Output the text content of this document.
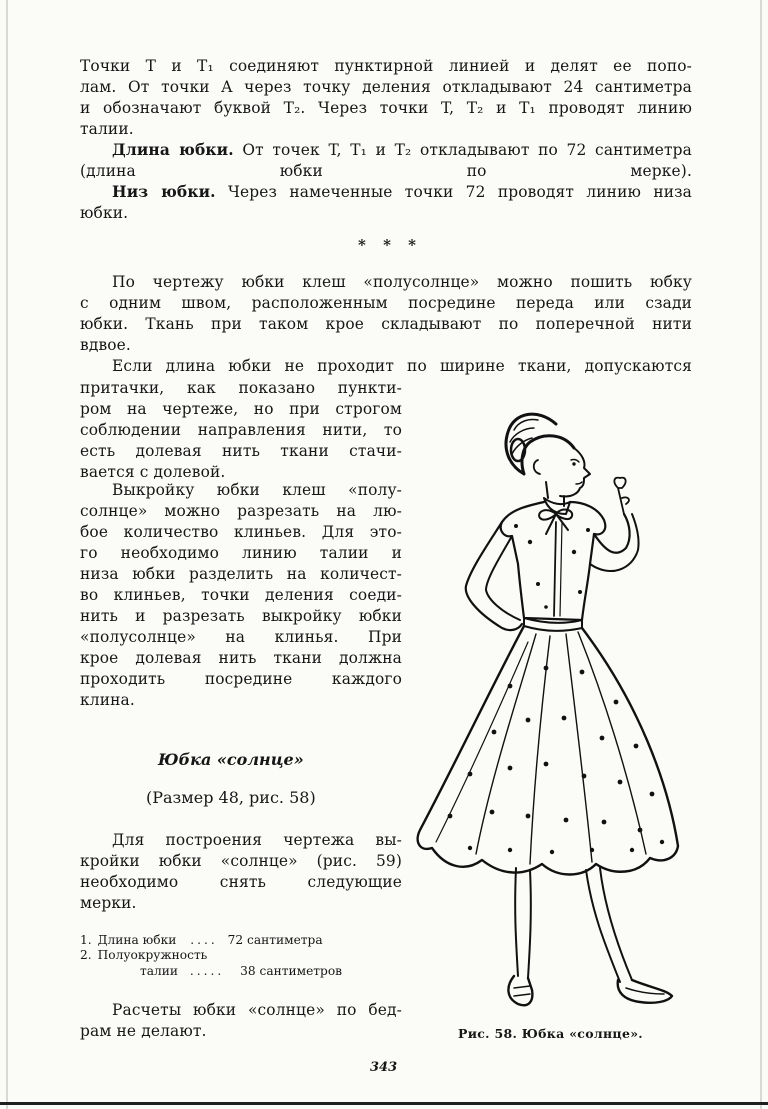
Точки T и T₁ соединяют пунктирной линией и делят ее попо-
лам. От точки A через точку деления откладывают 24 сантиметра
и обозначают буквой T₂. Через точки T, T₂ и T₁ проводят линию
талии.
Длина юбки. От точек T, T₁ и T₂ откладывают по 72 сантиметра
(длина юбки по мерке).
Низ юбки. Через намеченные точки 72 проводят линию низа
юбки.
* * *
По чертежу юбки клеш «полусолнце» можно пошить юбку
с одним швом, расположенным посредине переда или сзади
юбки. Ткань при таком крое складывают по поперечной нити
вдвое.
Если длина юбки не проходит по ширине ткани, допускаются
притачки, как показано пункти-
ром на чертеже, но при строгом
соблюдении направления нити, то
есть долевая нить ткани стачи-
вается с долевой.
Выкройку юбки клеш «полу-
солнце» можно разрезать на лю-
бое количество клиньев. Для это-
го необходимо линию талии и
низа юбки разделить на количест-
во клиньев, точки деления соеди-
нить и разрезать выкройку юбки
«полусолнце» на клинья. При
крое долевая нить ткани должна
проходить посредине каждого
клина.
Юбка «солнце»
(Размер 48, рис. 58)
Для построения чертежа вы-
кройки юбки «солнце» (рис. 59)
необходимо снять следующие
мерки.
1. Длина юбки .... 72 сантиметра
2. Полуокружность
талии ..... 38 сантиметров
Расчеты юбки «солнце» по бед-
рам не делают.	Рис. 58. Юбка «солнце».
343
